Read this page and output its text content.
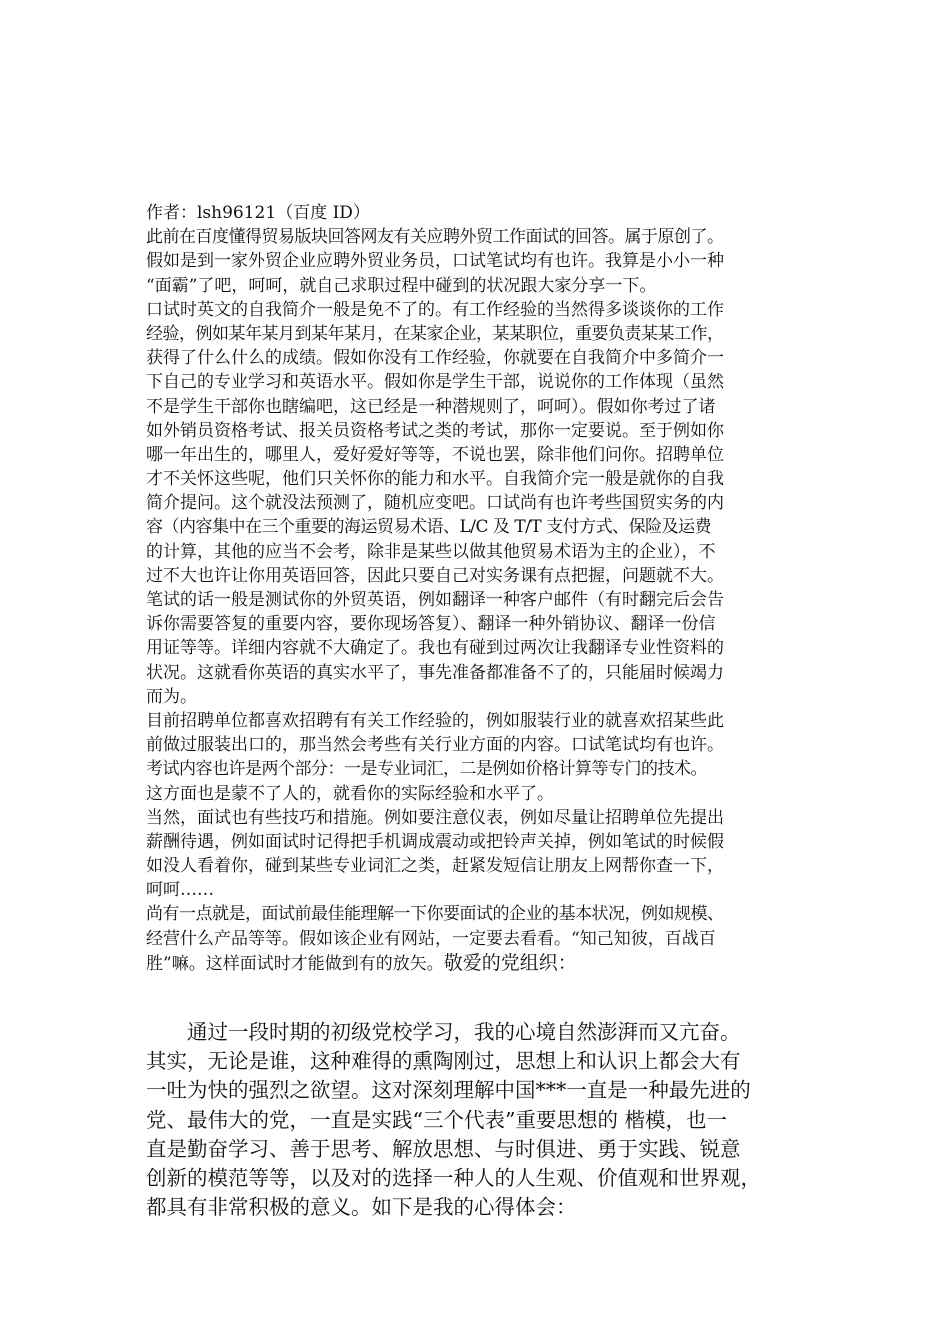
作者：lsh96121（百度 ID）
此前在百度懂得贸易版块回答网友有关应聘外贸工作面试的回答。属于原创了。
假如是到一家外贸企业应聘外贸业务员，口试笔试均有也许。我算是小小一种
“面霸”了吧，呵呵，就自己求职过程中碰到的状况跟大家分享一下。
口试时英文的自我简介一般是免不了的。有工作经验的当然得多谈谈你的工作
经验，例如某年某月到某年某月，在某家企业，某某职位，重要负责某某工作，
获得了什么什么的成绩。假如你没有工作经验，你就要在自我简介中多简介一
下自己的专业学习和英语水平。假如你是学生干部，说说你的工作体现（虽然
不是学生干部你也瞎编吧，这已经是一种潜规则了，呵呵）。假如你考过了诸
如外销员资格考试、报关员资格考试之类的考试，那你一定要说。至于例如你
哪一年出生的，哪里人，爱好爱好等等，不说也罢，除非他们问你。招聘单位
才不关怀这些呢，他们只关怀你的能力和水平。自我简介完一般是就你的自我
简介提问。这个就没法预测了，随机应变吧。口试尚有也许考些国贸实务的内
容（内容集中在三个重要的海运贸易术语、L/C 及 T/T 支付方式、保险及运费
的计算，其他的应当不会考，除非是某些以做其他贸易术语为主的企业），不
过不大也许让你用英语回答，因此只要自己对实务课有点把握，问题就不大。
笔试的话一般是测试你的外贸英语，例如翻译一种客户邮件（有时翻完后会告
诉你需要答复的重要内容，要你现场答复）、翻译一种外销协议、翻译一份信
用证等等。详细内容就不大确定了。我也有碰到过两次让我翻译专业性资料的
状况。这就看你英语的真实水平了，事先准备都准备不了的，只能届时候竭力
而为。
目前招聘单位都喜欢招聘有有关工作经验的，例如服装行业的就喜欢招某些此
前做过服装出口的，那当然会考些有关行业方面的内容。口试笔试均有也许。
考试内容也许是两个部分：一是专业词汇，二是例如价格计算等专门的技术。
这方面也是蒙不了人的，就看你的实际经验和水平了。
当然，面试也有些技巧和措施。例如要注意仪表，例如尽量让招聘单位先提出
薪酬待遇，例如面试时记得把手机调成震动或把铃声关掉，例如笔试的时候假
如没人看着你，碰到某些专业词汇之类，赶紧发短信让朋友上网帮你查一下，
呵呵……
尚有一点就是，面试前最佳能理解一下你要面试的企业的基本状况，例如规模、
经营什么产品等等。假如该企业有网站，一定要去看看。“知己知彼，百战百
胜”嘛。这样面试时才能做到有的放矢。敬爱的党组织：
通过一段时期的初级党校学习，我的心境自然澎湃而又亢奋。
其实，无论是谁，这种难得的熏陶刚过，思想上和认识上都会大有
一吐为快的强烈之欲望。这对深刻理解中国***一直是一种最先进的
党、最伟大的党，一直是实践“三个代表”重要思想的 楷模，也一
直是勤奋学习、善于思考、解放思想、与时俱进、勇于实践、锐意
创新的模范等等，以及对的选择一种人的人生观、价值观和世界观，
都具有非常积极的意义。如下是我的心得体会：
